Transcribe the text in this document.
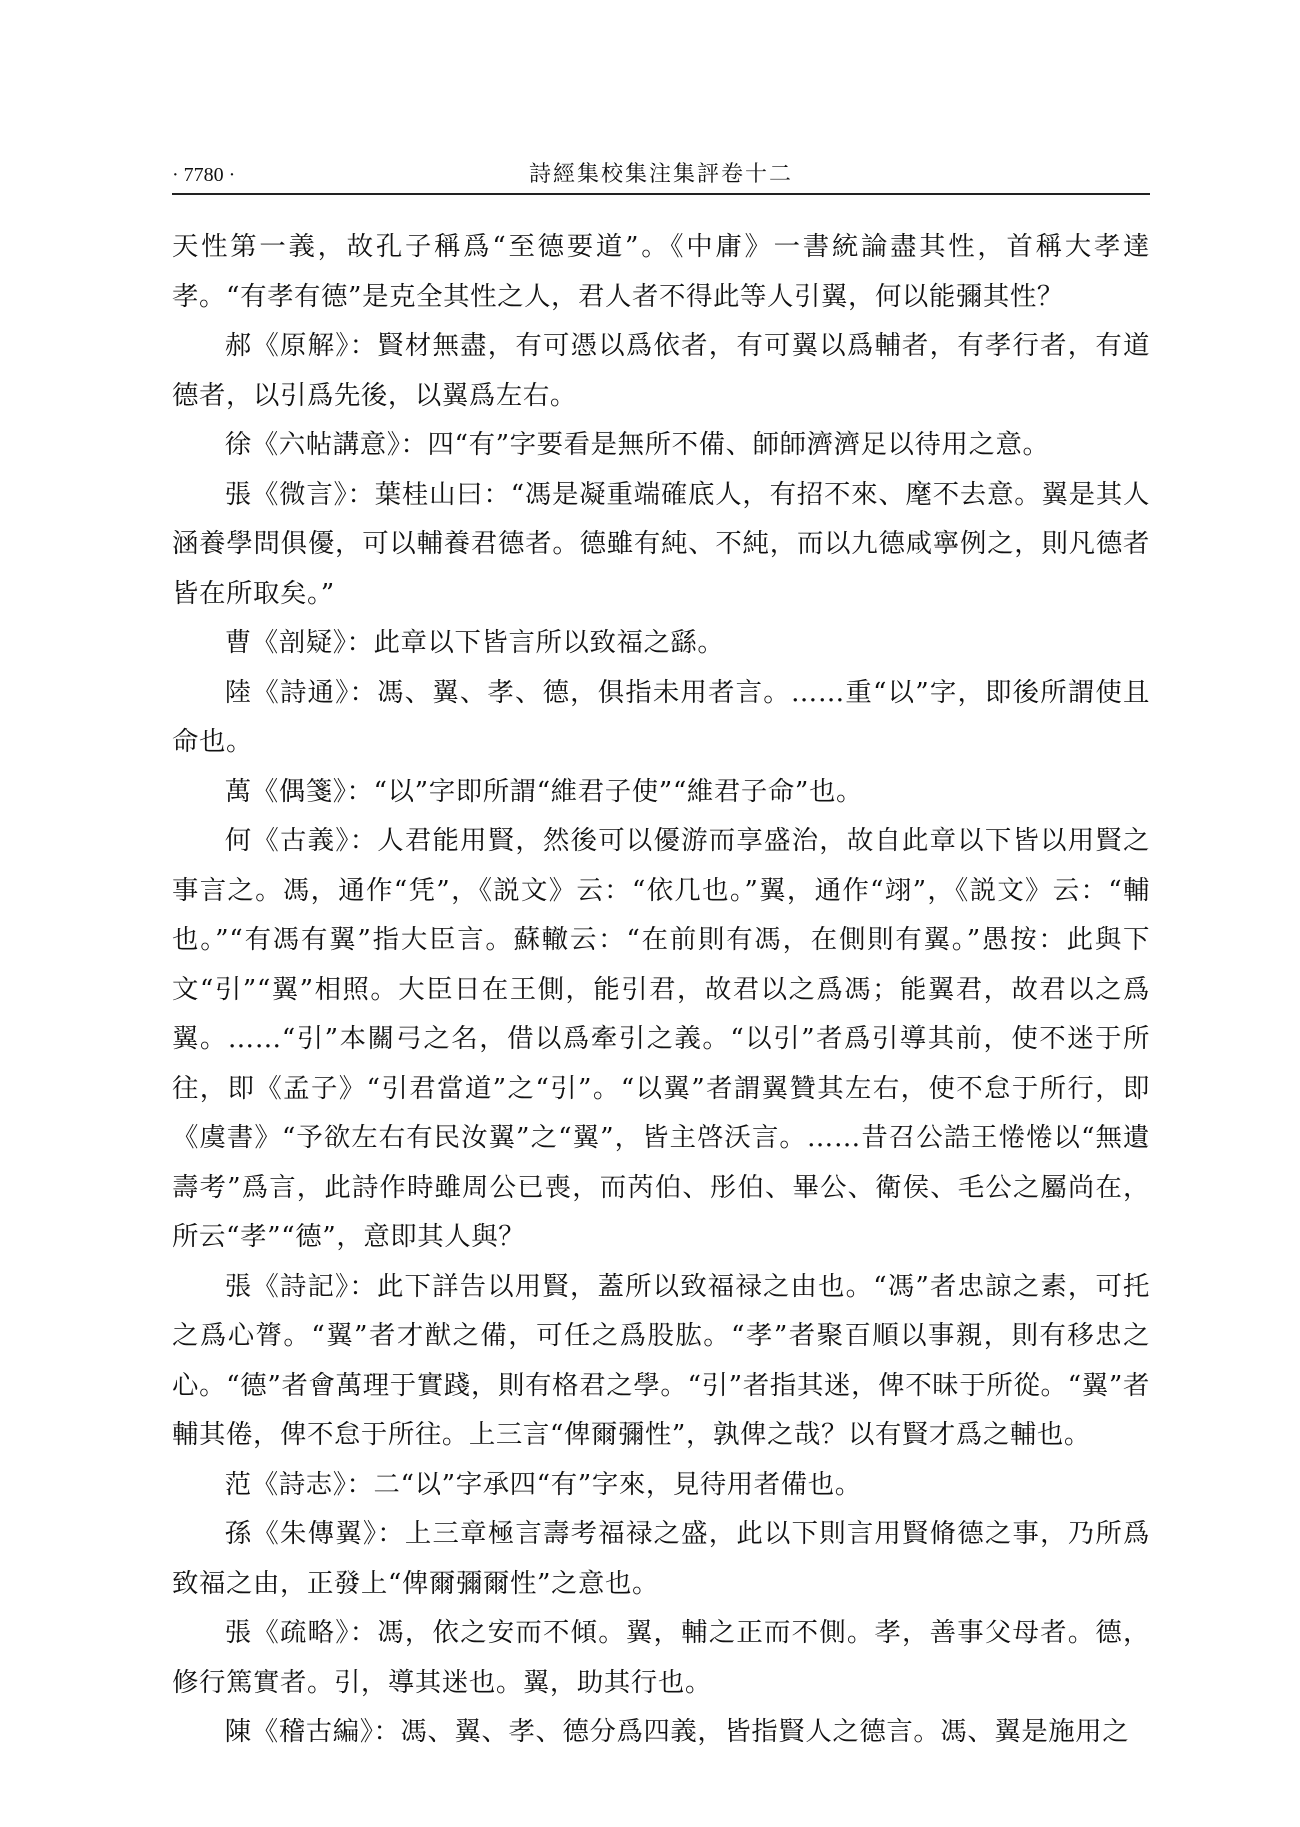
· 7780 ·	詩經集校集注集評卷十二

天性第一義，故孔子稱爲“至德要道”。《中庸》一書統論盡其性，首稱大孝達孝。“有孝有德”是克全其性之人，君人者不得此等人引翼，何以能彌其性？

郝《原解》：賢材無盡，有可憑以爲依者，有可翼以爲輔者，有孝行者，有道德者，以引爲先後，以翼爲左右。

徐《六帖講意》：四“有”字要看是無所不備、師師濟濟足以待用之意。

張《微言》：葉桂山曰：“馮是凝重端確底人，有招不來、麾不去意。翼是其人涵養學問俱優，可以輔養君德者。德雖有純、不純，而以九德咸寧例之，則凡德者皆在所取矣。”

曹《剖疑》：此章以下皆言所以致福之繇。

陸《詩通》：馮、翼、孝、德，俱指未用者言。……重“以”字，即後所謂使且命也。

萬《偶箋》：“以”字即所謂“維君子使”“維君子命”也。

何《古義》：人君能用賢，然後可以優游而享盛治，故自此章以下皆以用賢之事言之。馮，通作“凭”，《説文》云：“依几也。”翼，通作“翊”，《説文》云：“輔也。”“有馮有翼”指大臣言。蘇轍云：“在前則有馮，在側則有翼。”愚按：此與下文“引”“翼”相照。大臣日在王側，能引君，故君以之爲馮；能翼君，故君以之爲翼。……“引”本關弓之名，借以爲牽引之義。“以引”者爲引導其前，使不迷于所往，即《孟子》“引君當道”之“引”。“以翼”者謂翼贊其左右，使不怠于所行，即《虞書》“予欲左右有民汝翼”之“翼”，皆主啓沃言。……昔召公誥王惓惓以“無遺壽考”爲言，此詩作時雖周公已喪，而芮伯、彤伯、畢公、衛侯、毛公之屬尚在，所云“孝”“德”，意即其人與？

張《詩記》：此下詳告以用賢，蓋所以致福禄之由也。“馮”者忠諒之素，可托之爲心膂。“翼”者才猷之備，可任之爲股肱。“孝”者聚百順以事親，則有移忠之心。“德”者會萬理于實踐，則有格君之學。“引”者指其迷，俾不昧于所從。“翼”者輔其倦，俾不怠于所往。上三言“俾爾彌性”，孰俾之哉？以有賢才爲之輔也。

范《詩志》：二“以”字承四“有”字來，見待用者備也。

孫《朱傳翼》：上三章極言壽考福禄之盛，此以下則言用賢脩德之事，乃所爲致福之由，正發上“俾爾彌爾性”之意也。

張《疏略》：馮，依之安而不傾。翼，輔之正而不側。孝，善事父母者。德，修行篤實者。引，導其迷也。翼，助其行也。

陳《稽古編》：馮、翼、孝、德分爲四義，皆指賢人之德言。馮、翼是施用之
